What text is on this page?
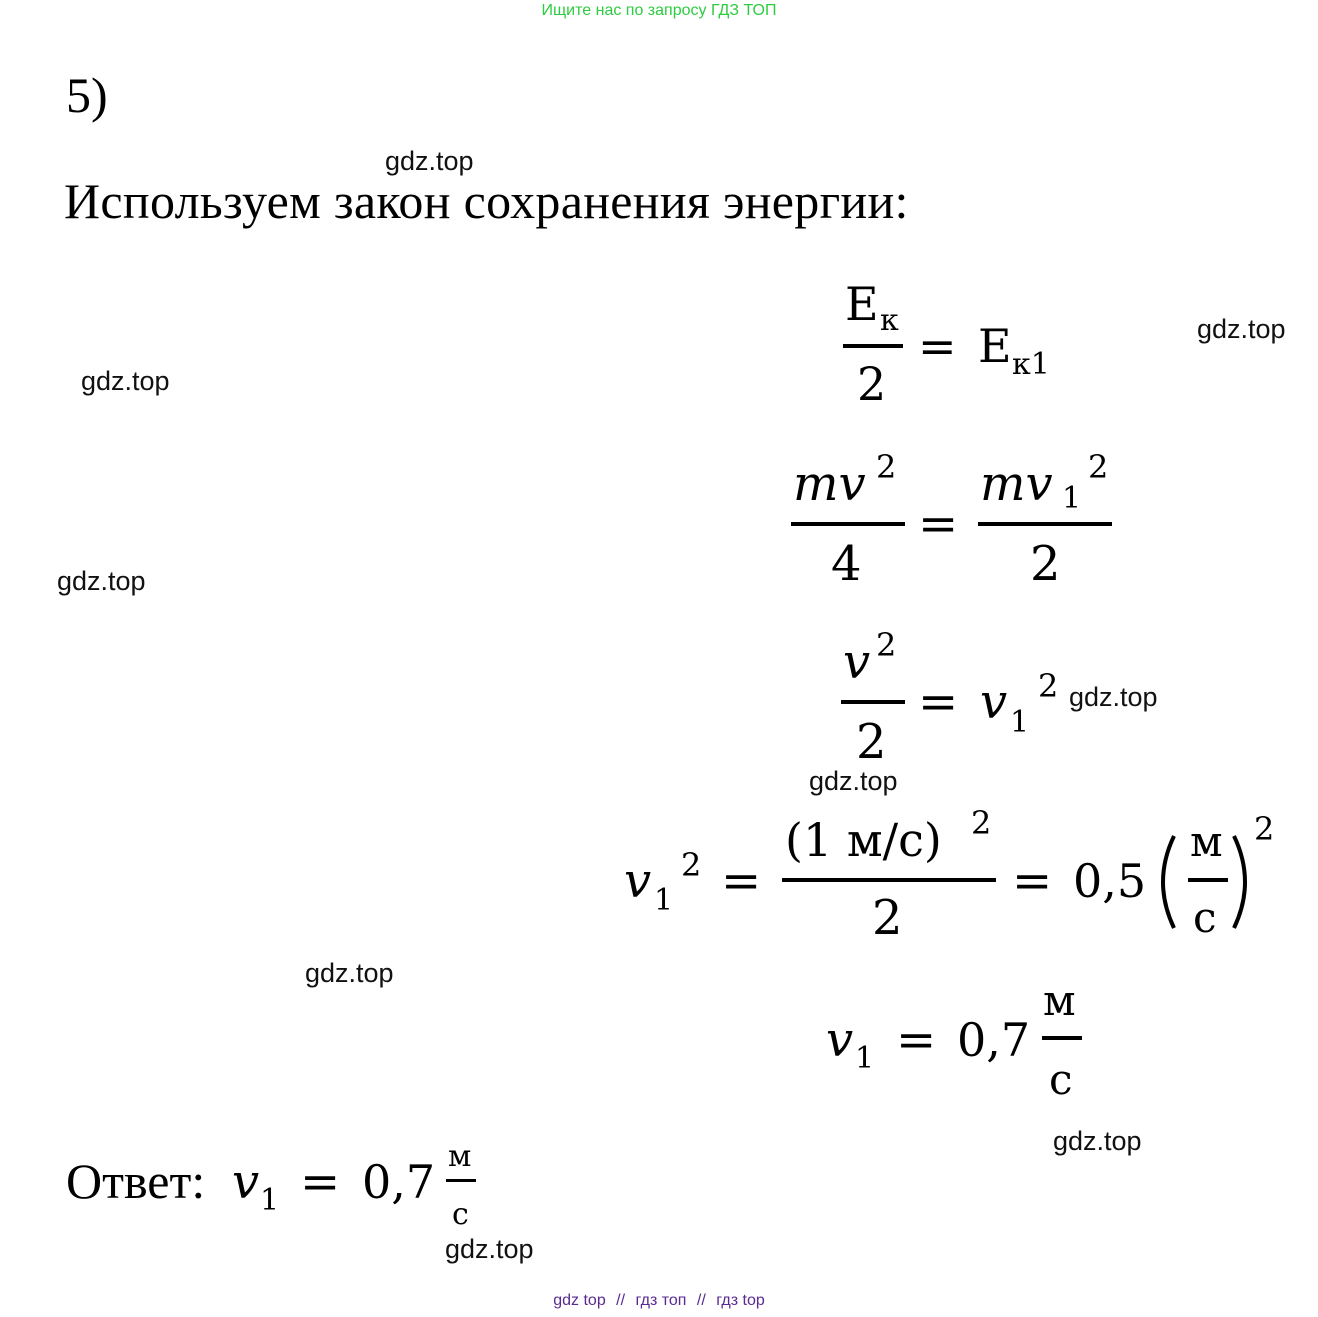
Ищите нас по запросу ГДЗ ТОП
5)
Используем закон сохранения энергии:
gdz.top
gdz.top
gdz.top
gdz.top
gdz.top
gdz.top
gdz.top
gdz.top
gdz.top
E к
2
= E к1
mv 2
4
=
mv 1
2
2
v 2
2
= v 1
2
v 1
2 =
(1 м/с) 2
2
= 0,5
м
с
2
v 1 = 0,7
м
с
Ответ: v 1 = 0,7 м
с
gdz top // гдз топ // гдз top
